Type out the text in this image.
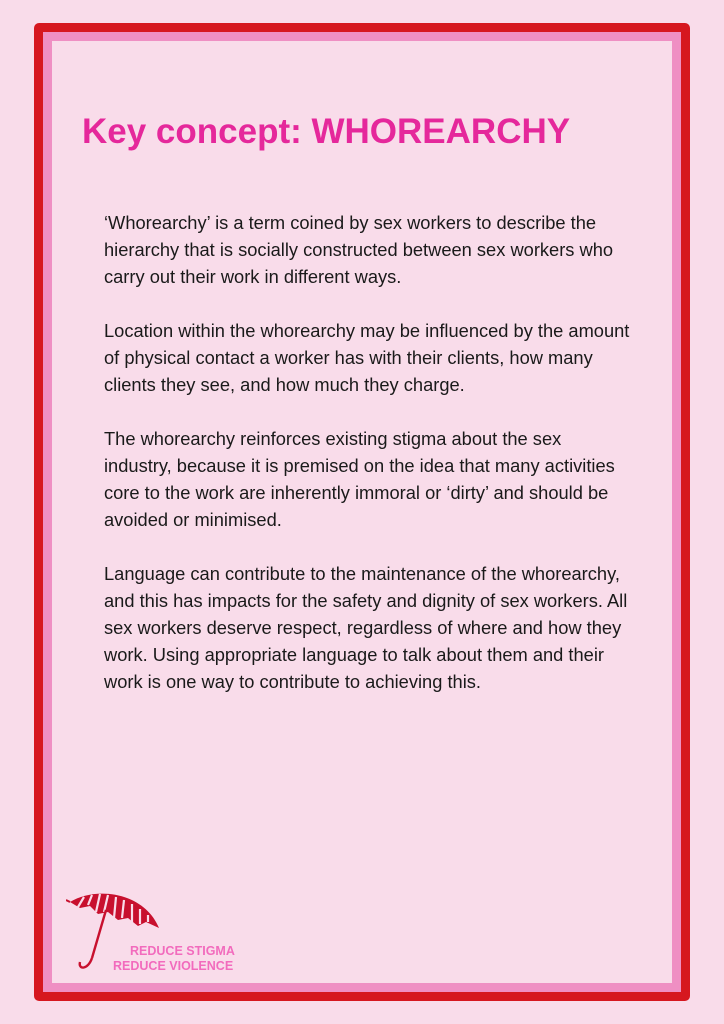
Key concept: WHOREARCHY

‘Whorearchy’ is a term coined by sex workers to describe the hierarchy that is socially constructed between sex workers who carry out their work in different ways.

Location within the whorearchy may be influenced by the amount of physical contact a worker has with their clients, how many clients they see, and how much they charge.

The whorearchy reinforces existing stigma about the sex industry, because it is premised on the idea that many activities core to the work are inherently immoral or ‘dirty’ and should be avoided or minimised.

Language can contribute to the maintenance of the whorearchy, and this has impacts for the safety and dignity of sex workers. All sex workers deserve respect, regardless of where and how they work. Using appropriate language to talk about them and their work is one way to contribute to achieving this.

REDUCE STIGMA
REDUCE VIOLENCE
